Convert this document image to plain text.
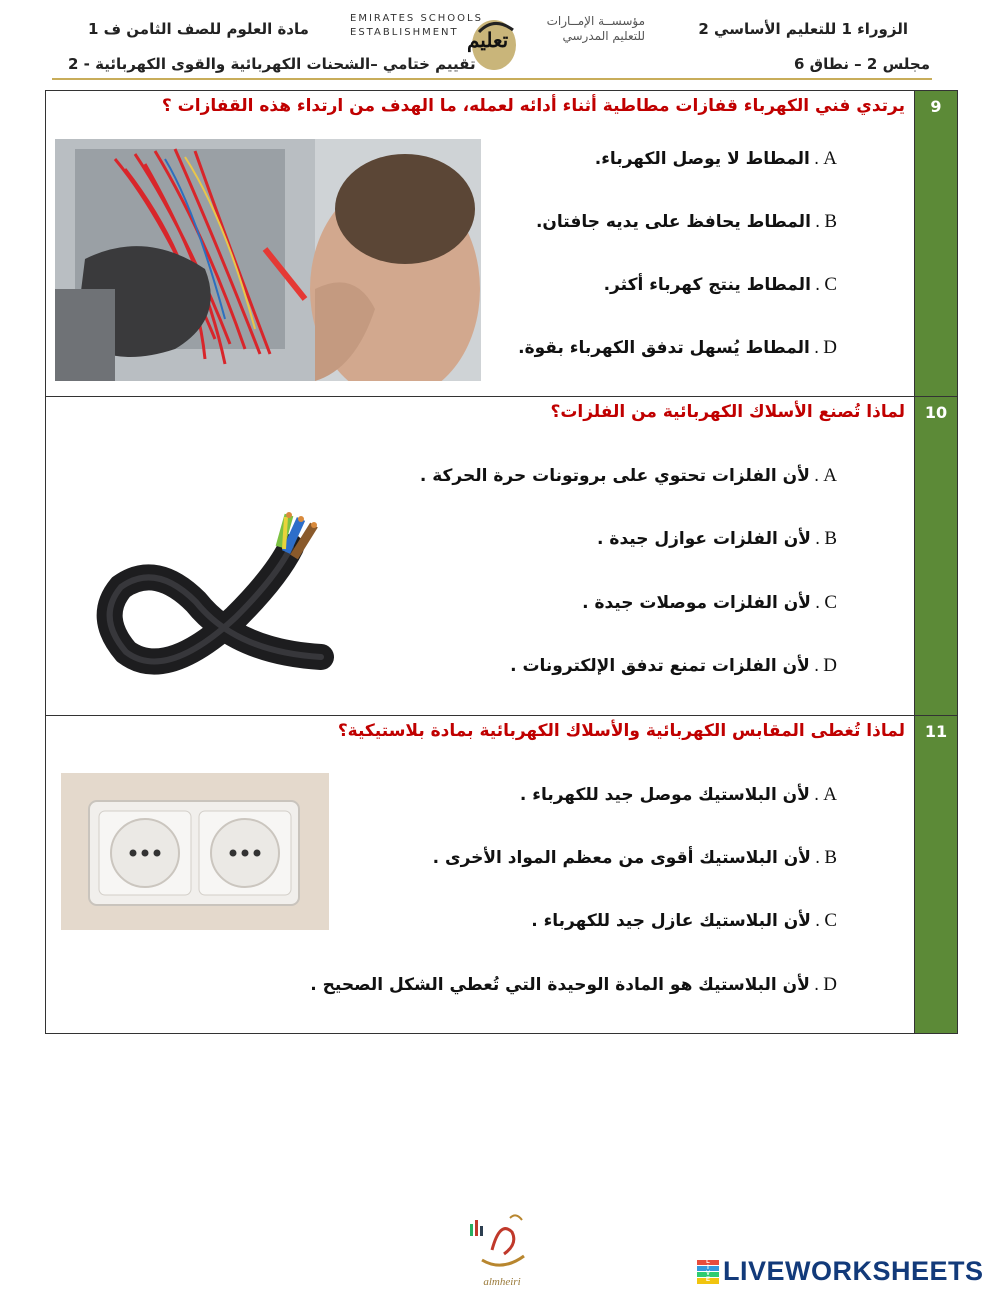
الزوراء 1 للتعليم الأساسي 2
مجلس 2 – نطاق 6
مادة العلوم للصف الثامن ف 1
تقييم ختامي –الشحنات الكهربائية والقوى الكهربائية - 2
EMIRATES SCHOOLS
ESTABLISHMENT تعليم
مؤسســة الإمــارات
للتعليم المدرسي
9
يرتدي فني الكهرباء قفازات مطاطية أثناء أدائه لعمله، ما الهدف من ارتداء هذه القفازات ؟
A
.
المطاط لا يوصل الكهرباء.
B
.
المطاط يحافظ على يديه جافتان.
C
.
المطاط ينتج كهرباء أكثر.
D
.
المطاط يُسهل تدفق الكهرباء بقوة.
10
لماذا تُصنع الأسلاك الكهربائية من الفلزات؟
A
.
لأن الفلزات تحتوي على بروتونات حرة الحركة .
B
.
لأن الفلزات عوازل جيدة .
C
.
لأن الفلزات موصلات جيدة .
D
.
لأن الفلزات تمنع تدفق الإلكترونات .
11
لماذا تُغطى المقابس الكهربائية والأسلاك الكهربائية بمادة بلاستيكية؟
A
.
لأن البلاستيك موصل جيد للكهرباء .
B
.
لأن البلاستيك أقوى من معظم المواد الأخرى .
C
.
لأن البلاستيك عازل جيد للكهرباء .
D
.
لأن البلاستيك هو المادة الوحيدة التي تُعطي الشكل الصحيح .
almheiri
L
I
V
E LIVEWORKSHEETS
